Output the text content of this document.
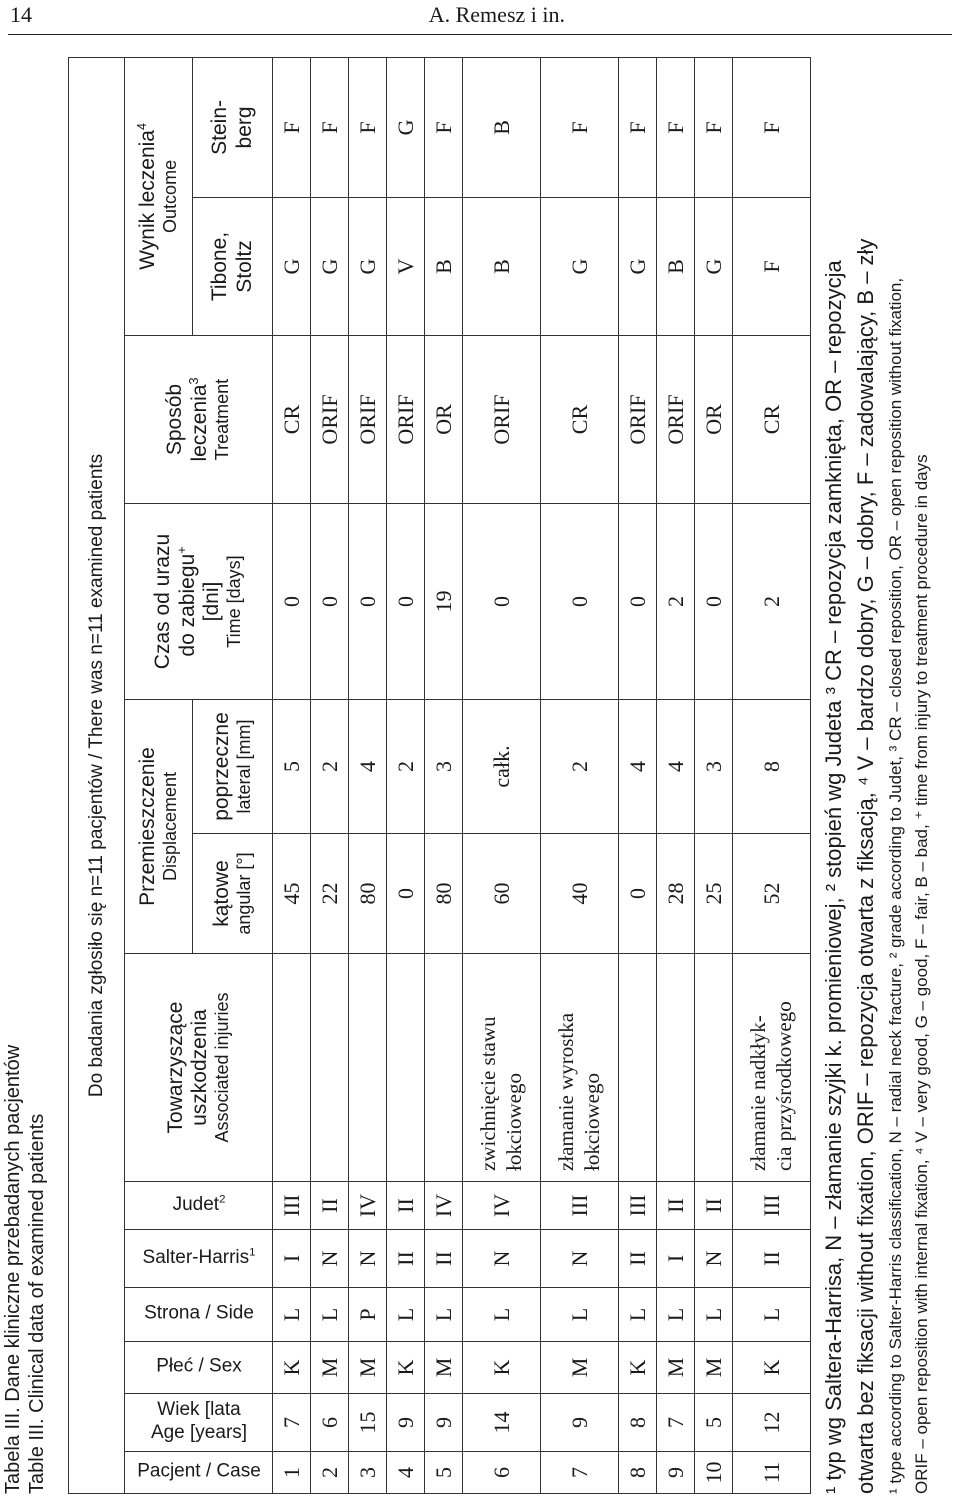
14	A. Remesz i in.
Tabela III. Dane kliniczne przebadanych pacjentów Table III. Clinical data of examined patients
Do badania zgłosiło się n=11 pacjentów / There was n=11 examined patients												

Pacjent / Case	Wiek [lata
Age [years]	Płeć / Sex	Strona / Side	Salter-Harris$^1$	Judet$^2$	Towarzyszące uszkodzenia Associated injuries	Przemieszczenie Displacement		Czas od urazu do zabiegu+
[dni] Time [days]	Sposób leczenia$^3$ Treatment	Wynik leczenia$^4$
Outcome	

							kątowe angular [°]	poprzeczne lateral [mm]			Tibone, Stoltz	Stein- berg

1	7	K	L	I	III		45	5	0	CR	G	F
2	6	M	L	N	II		22	2	0	ORIF	G	F
3	15	M	P	N	IV		80	4	0	ORIF	G	F
4	9	K	L	II	II		0	2	0	ORIF	V	G
5	9	M	L	II	IV		80	3	19	OR	B	F
6	14	K	L	N	IV	zwichnięcie stawu łokciowego	60	całk.	0	ORIF	B	B
7	9	M	L	N	III	złamanie wyrostka łokciowego	40	2	0	CR	G	F
8	8	K	L	II	III		0	4	0	ORIF	G	F
9	7	M	L	I	II		28	4	2	ORIF	B	F
10	5	M	L	N	II		25	3	0	OR	G	F
11	12	K	L	II	III	złamanie nadkłyk- cia przyśrodkowego	52	8	2	CR	F	F

¹ typ wg Saltera-Harrisa, N – złamanie szyjki k. promieniowej, ² stopień wg Judeta ³ CR – repozycja zamknięta, OR – repozycja otwarta bez fiksacji without fixation, ORIF – repozycja otwarta z fiksacją, ⁴ V – bardzo dobry, G – dobry, F – zadowalający, B – zły ¹ type according to Salter-Harris classification, N – radial neck fracture, ² grade according to Judet, ³ CR – closed reposition, OR – open reposition without fixation, ORIF – open reposition with internal fixation, ⁴ V – very good, G – good, F – fair, B – bad, ⁺ time from injury to treatment procedure in days
